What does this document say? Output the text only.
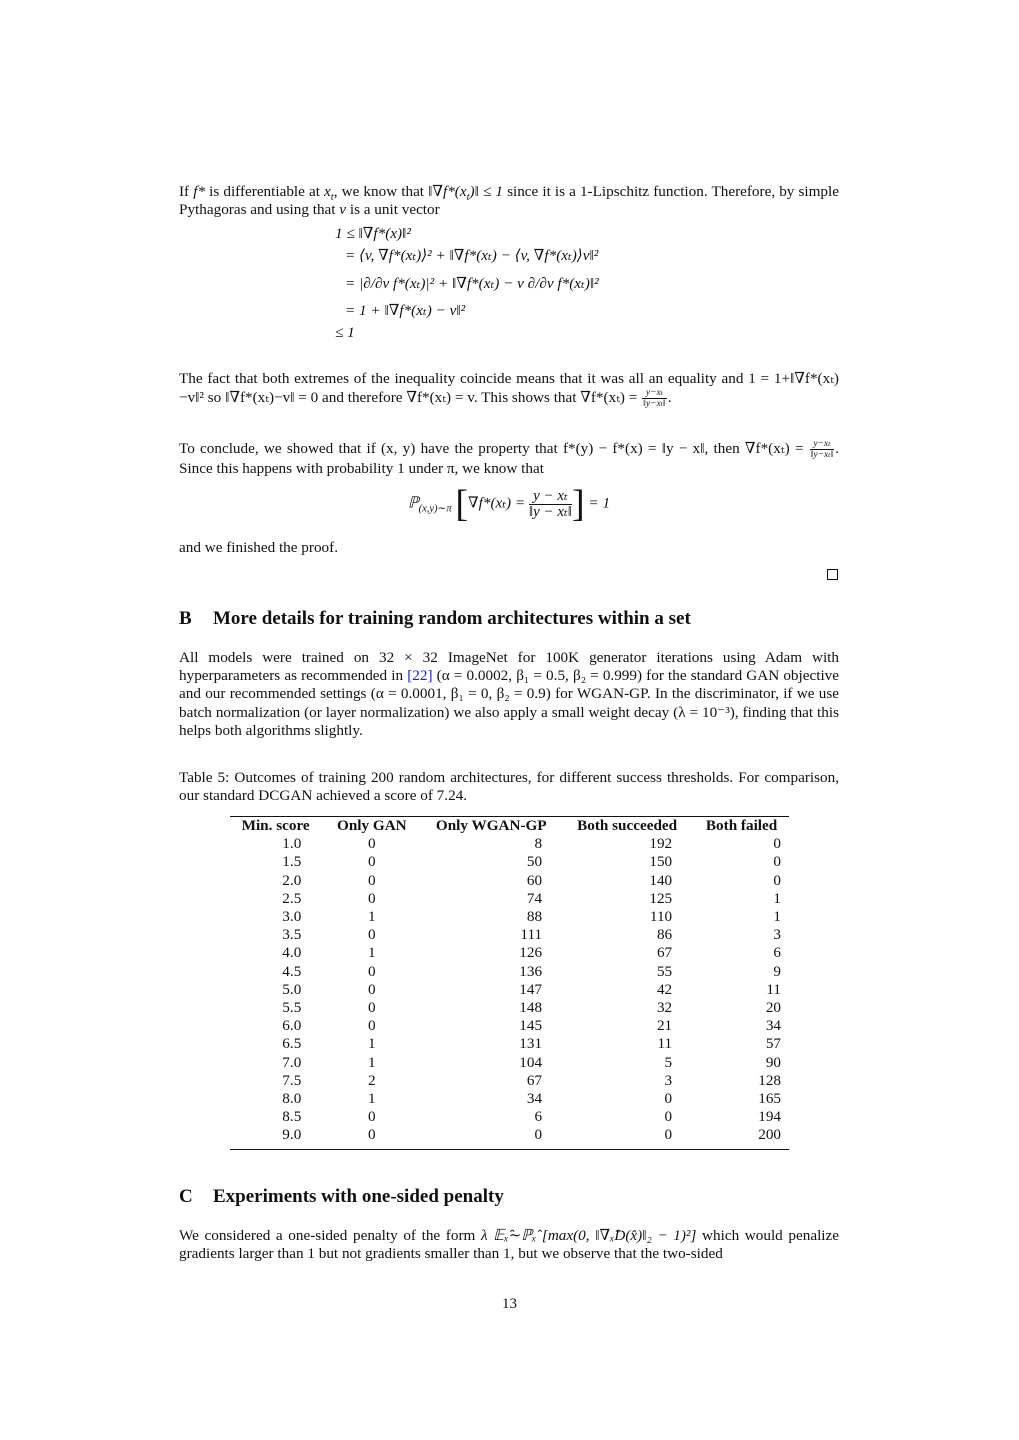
If f* is differentiable at $x_t$, we know that $‖\nabla f*(x_t)‖ \le 1$ since it is a 1-Lipschitz function. Therefore, by simple Pythagoras and using that v is a unit vector

1 ≤ ‖∇f*(x)‖²
= ⟨v, ∇f*(xₜ)⟩² + ‖∇f*(xₜ) − ⟨v, ∇f*(xₜ)⟩v‖²
= |∂/∂v f*(xₜ)|² + ‖∇f*(xₜ) − v ∂/∂v f*(xₜ)‖²
= 1 + ‖∇f*(xₜ) − v‖²
≤ 1

The fact that both extremes of the inequality coincide means that it was all an equality and 1 = 1+‖∇f*(xₜ)−v‖² so ‖∇f*(xₜ)−v‖ = 0 and therefore ∇f*(xₜ) = v. This shows that $\nabla f*(x_t) = \frac{\text{y−xₜ}}{\text{‖y−xₜ‖}}$ .

To conclude, we showed that if (x, y) have the property that f*(y) − f*(x) = ‖y − x‖, then $\nabla f*(x_t) = \frac{\text{y−xₜ}}{\text{‖y−xₜ‖}}$ . Since this happens with probability 1 under π, we know that

ℙ$_{(x,y)\sim\pi}$ [$\nabla f*(x_t) = \frac{\text{y − xₜ}}{\text{‖y − xₜ‖}}$ ] = 1

and we finished the proof.

B More details for training random architectures within a set

All models were trained on 32 × 32 ImageNet for 100K generator iterations using Adam with hyperparameters as recommended in [22] (α = 0.0002, β₁ = 0.5, β₂ = 0.999) for the standard GAN objective and our recommended settings (α = 0.0001, β₁ = 0, β₂ = 0.9) for WGAN-GP. In the discriminator, if we use batch normalization (or layer normalization) we also apply a small weight decay (λ = 10⁻³), finding that this helps both algorithms slightly.

Table 5: Outcomes of training 200 random architectures, for different success thresholds. For comparison, our standard DCGAN achieved a score of 7.24.

Min. score	Only GAN	Only WGAN-GP	Both succeeded	Both failed
1.0	0	8	192	0
1.5	0	50	150	0
2.0	0	60	140	0
2.5	0	74	125	1
3.0	1	88	110	1
3.5	0	111	86	3
4.0	1	126	67	6
4.5	0	136	55	9
5.0	0	147	42	11
5.5	0	148	32	20
6.0	0	145	21	34
6.5	1	131	11	57
7.0	1	104	5	90
7.5	2	67	3	128
8.0	1	34	0	165
8.5	0	6	0	194
9.0	0	0	0	200
C Experiments with one-sided penalty

We considered a one-sided penalty of the form λ 𝔼ₓ̂∼ℙₓ̂ [max(0, ‖∇ₓ̂D(x̂)‖₂ − 1)²] which would penalize gradients larger than 1 but not gradients smaller than 1, but we observe that the two-sided

13
